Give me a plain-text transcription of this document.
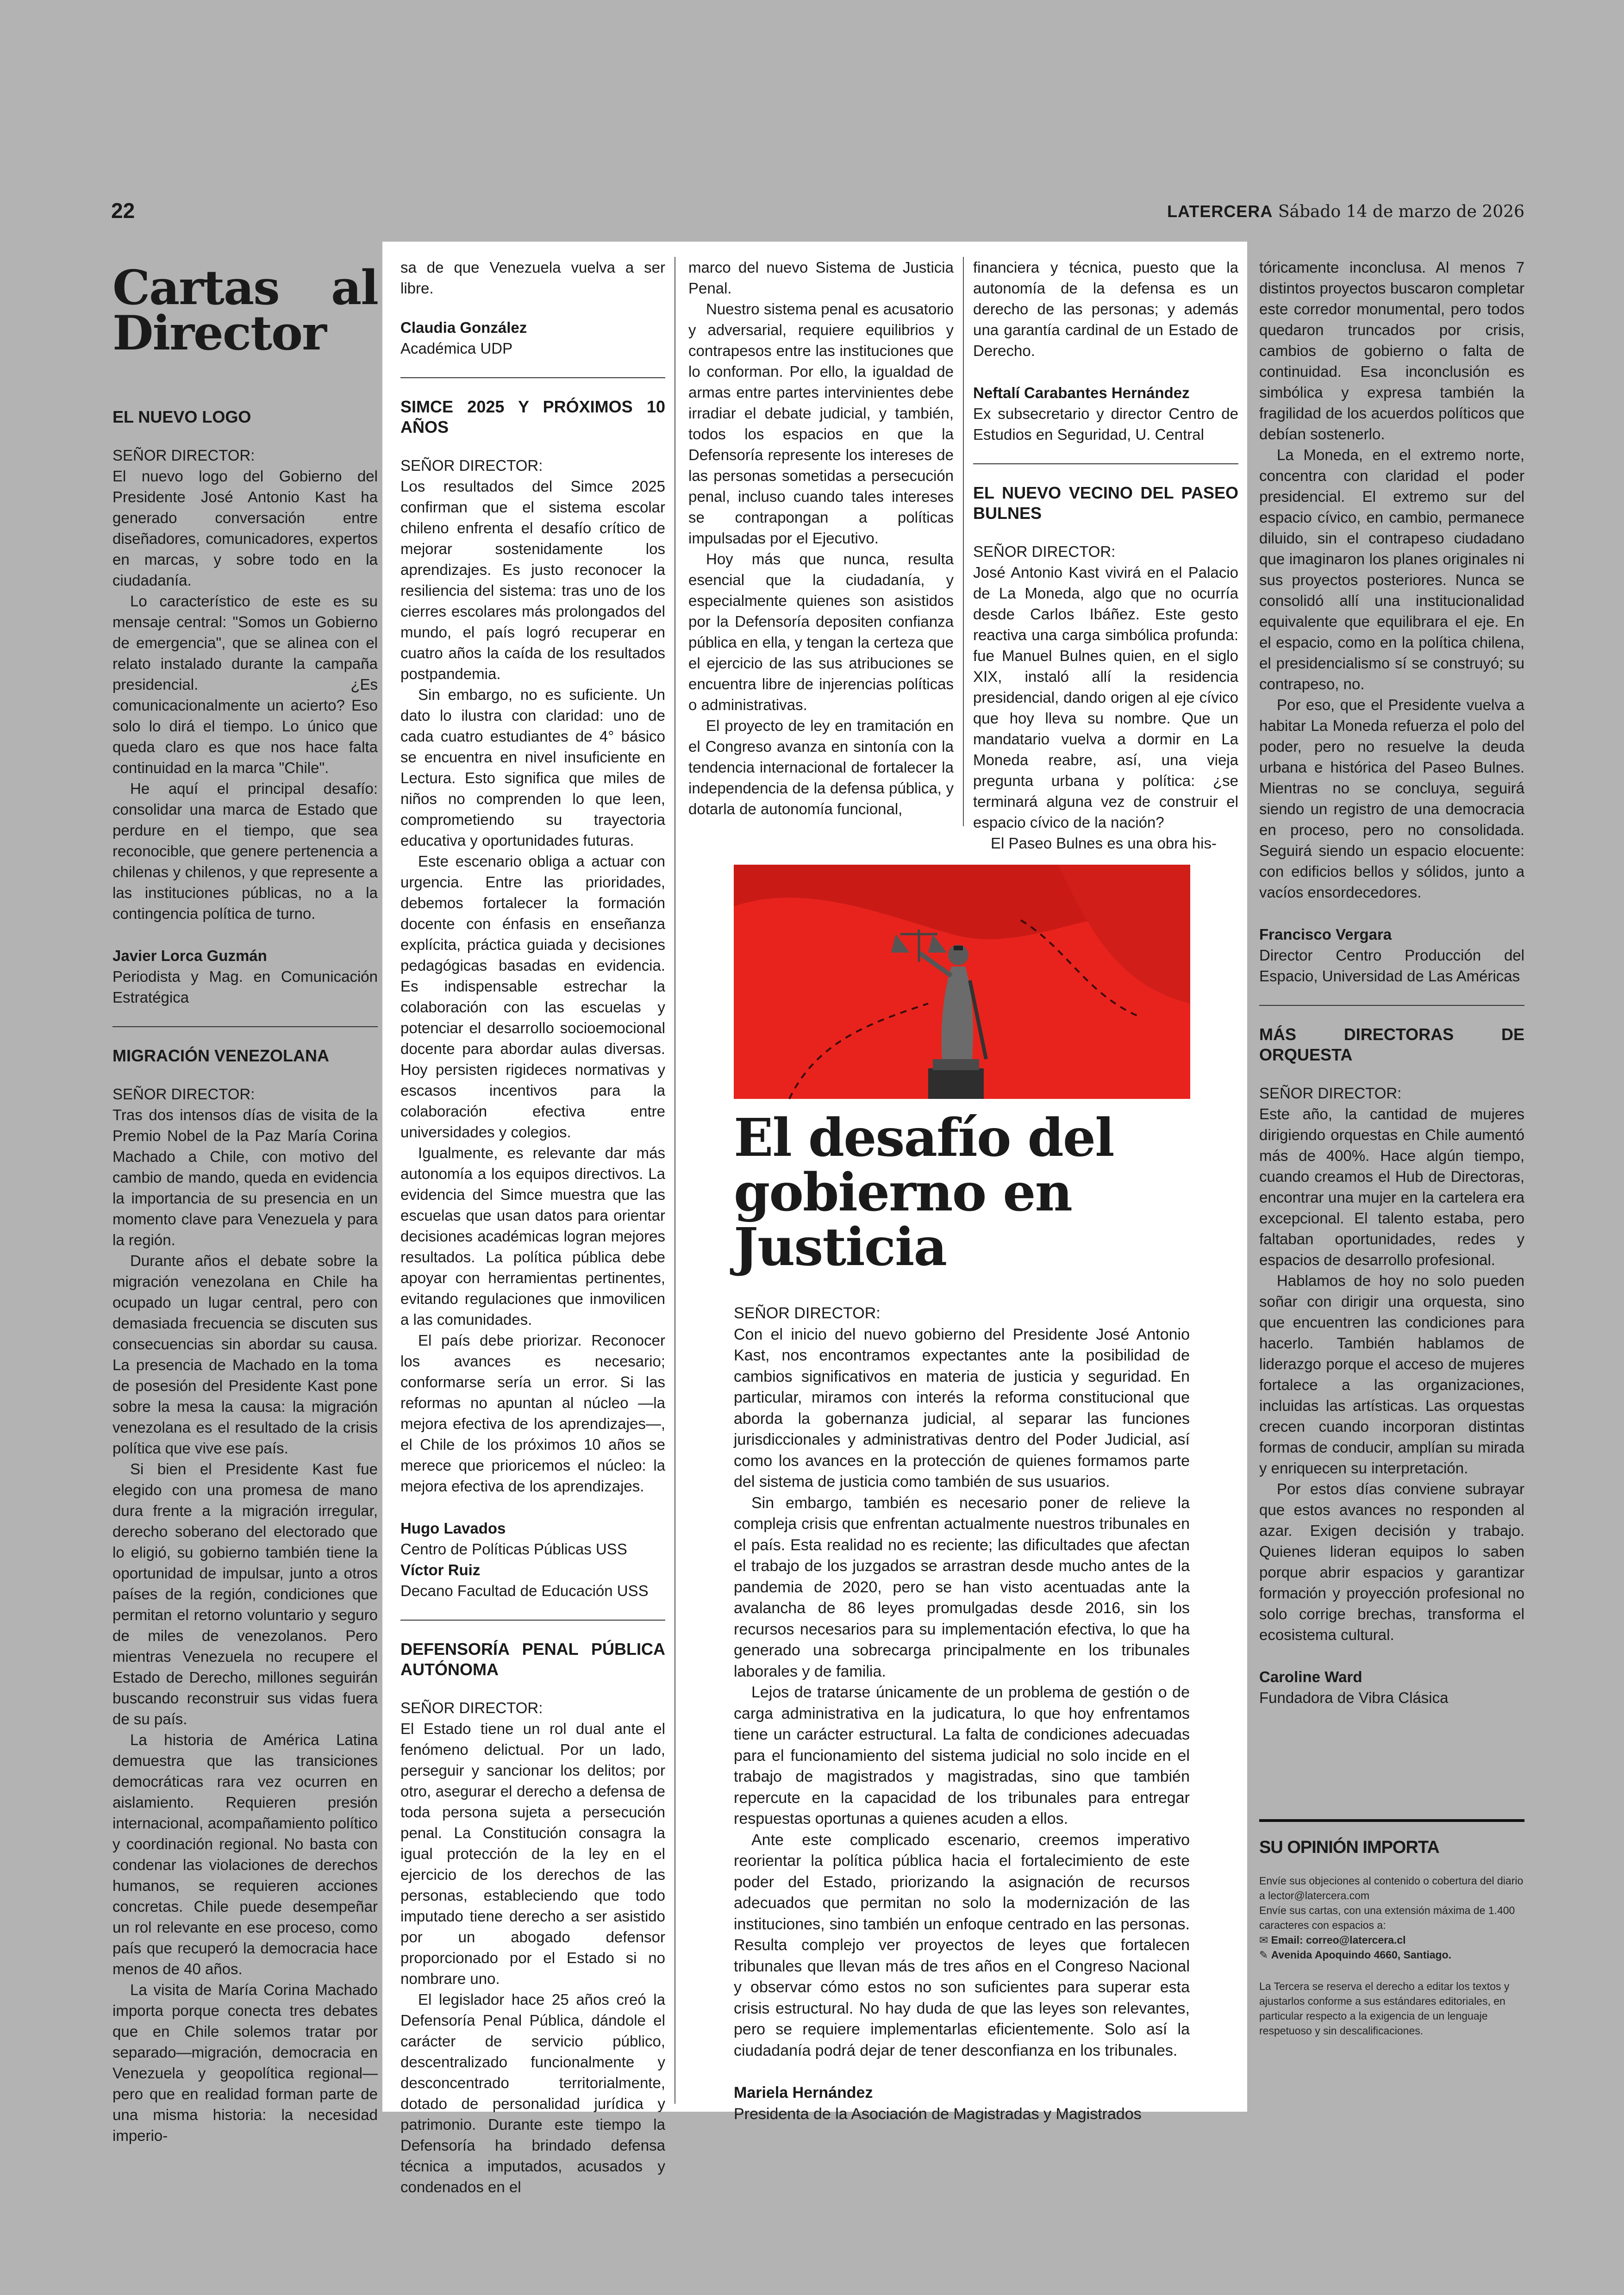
22	LATERCERA Sábado 14 de marzo de 2026
Cartas al Director
EL NUEVO LOGO

SEÑOR DIRECTOR:

El nuevo logo del Gobierno del Presidente José Antonio Kast ha generado conversación entre diseñadores, comunicadores, expertos en marcas, y sobre todo en la ciudadanía.

Lo característico de este es su mensaje central: "Somos un Gobierno de emergencia", que se alinea con el relato instalado durante la campaña presidencial. ¿Es comunicacionalmente un acierto? Eso solo lo dirá el tiempo. Lo único que queda claro es que nos hace falta continuidad en la marca "Chile".

He aquí el principal desafío: consolidar una marca de Estado que perdure en el tiempo, que sea reconocible, que genere pertenencia a chilenas y chilenos, y que represente a las instituciones públicas, no a la contingencia política de turno.

Javier Lorca Guzmán
Periodista y Mag. en Comunicación Estratégica
MIGRACIÓN VENEZOLANA

SEÑOR DIRECTOR:

Tras dos intensos días de visita de la Premio Nobel de la Paz María Corina Machado a Chile, con motivo del cambio de mando, queda en evidencia la importancia de su presencia en un momento clave para Venezuela y para la región.

Durante años el debate sobre la migración venezolana en Chile ha ocupado un lugar central, pero con demasiada frecuencia se discuten sus consecuencias sin abordar su causa. La presencia de Machado en la toma de posesión del Presidente Kast pone sobre la mesa la causa: la migración venezolana es el resultado de la crisis política que vive ese país.

Si bien el Presidente Kast fue elegido con una promesa de mano dura frente a la migración irregular, derecho soberano del electorado que lo eligió, su gobierno también tiene la oportunidad de impulsar, junto a otros países de la región, condiciones que permitan el retorno voluntario y seguro de miles de venezolanos. Pero mientras Venezuela no recupere el Estado de Derecho, millones seguirán buscando reconstruir sus vidas fuera de su país.

La historia de América Latina demuestra que las transiciones democráticas rara vez ocurren en aislamiento. Requieren presión internacional, acompañamiento político y coordinación regional. No basta con condenar las violaciones de derechos humanos, se requieren acciones concretas. Chile puede desempeñar un rol relevante en ese proceso, como país que recuperó la democracia hace menos de 40 años.

La visita de María Corina Machado importa porque conecta tres debates que en Chile solemos tratar por separado—migración, democracia en Venezuela y geopolítica regional— pero que en realidad forman parte de una misma historia: la necesidad imperio-

sa de que Venezuela vuelva a ser libre.

Claudia González
Académica UDP
SIMCE 2025 Y PRÓXIMOS 10 AÑOS

SEÑOR DIRECTOR:

Los resultados del Simce 2025 confirman que el sistema escolar chileno enfrenta el desafío crítico de mejorar sostenidamente los aprendizajes. Es justo reconocer la resiliencia del sistema: tras uno de los cierres escolares más prolongados del mundo, el país logró recuperar en cuatro años la caída de los resultados postpandemia.

Sin embargo, no es suficiente. Un dato lo ilustra con claridad: uno de cada cuatro estudiantes de 4° básico se encuentra en nivel insuficiente en Lectura. Esto significa que miles de niños no comprenden lo que leen, comprometiendo su trayectoria educativa y oportunidades futuras.

Este escenario obliga a actuar con urgencia. Entre las prioridades, debemos fortalecer la formación docente con énfasis en enseñanza explícita, práctica guiada y decisiones pedagógicas basadas en evidencia. Es indispensable estrechar la colaboración con las escuelas y potenciar el desarrollo socioemocional docente para abordar aulas diversas. Hoy persisten rigideces normativas y escasos incentivos para la colaboración efectiva entre universidades y colegios.

Igualmente, es relevante dar más autonomía a los equipos directivos. La evidencia del Simce muestra que las escuelas que usan datos para orientar decisiones académicas logran mejores resultados. La política pública debe apoyar con herramientas pertinentes, evitando regulaciones que inmovilicen a las comunidades.

El país debe priorizar. Reconocer los avances es necesario; conformarse sería un error. Si las reformas no apuntan al núcleo —la mejora efectiva de los aprendizajes—, el Chile de los próximos 10 años se merece que prioricemos el núcleo: la mejora efectiva de los aprendizajes.

Hugo Lavados
Centro de Políticas Públicas USS
Víctor Ruiz
Decano Facultad de Educación USS
DEFENSORÍA PENAL PÚBLICA AUTÓNOMA

SEÑOR DIRECTOR:

El Estado tiene un rol dual ante el fenómeno delictual. Por un lado, perseguir y sancionar los delitos; por otro, asegurar el derecho a defensa de toda persona sujeta a persecución penal. La Constitución consagra la igual protección de la ley en el ejercicio de los derechos de las personas, estableciendo que todo imputado tiene derecho a ser asistido por un abogado defensor proporcionado por el Estado si no nombrare uno.

El legislador hace 25 años creó la Defensoría Penal Pública, dándole el carácter de servicio público, descentralizado funcionalmente y desconcentrado territorialmente, dotado de personalidad jurídica y patrimonio. Durante este tiempo la Defensoría ha brindado defensa técnica a imputados, acusados y condenados en el

marco del nuevo Sistema de Justicia Penal.

Nuestro sistema penal es acusatorio y adversarial, requiere equilibrios y contrapesos entre las instituciones que lo conforman. Por ello, la igualdad de armas entre partes intervinientes debe irradiar el debate judicial, y también, todos los espacios en que la Defensoría represente los intereses de las personas sometidas a persecución penal, incluso cuando tales intereses se contrapongan a políticas impulsadas por el Ejecutivo.

Hoy más que nunca, resulta esencial que la ciudadanía, y especialmente quienes son asistidos por la Defensoría depositen confianza pública en ella, y tengan la certeza que el ejercicio de las sus atribuciones se encuentra libre de injerencias políticas o administrativas.

El proyecto de ley en tramitación en el Congreso avanza en sintonía con la tendencia internacional de fortalecer la independencia de la defensa pública, y dotarla de autonomía funcional,

financiera y técnica, puesto que la autonomía de la defensa es un derecho de las personas; y además una garantía cardinal de un Estado de Derecho.

Neftalí Carabantes Hernández
Ex subsecretario y director Centro de Estudios en Seguridad, U. Central
EL NUEVO VECINO DEL PASEO BULNES

SEÑOR DIRECTOR:

José Antonio Kast vivirá en el Palacio de La Moneda, algo que no ocurría desde Carlos Ibáñez. Este gesto reactiva una carga simbólica profunda: fue Manuel Bulnes quien, en el siglo XIX, instaló allí la residencia presidencial, dando origen al eje cívico que hoy lleva su nombre. Que un mandatario vuelva a dormir en La Moneda reabre, así, una vieja pregunta urbana y política: ¿se terminará alguna vez de construir el espacio cívico de la nación?

El Paseo Bulnes es una obra his-

El desafío del gobierno en Justicia

SEÑOR DIRECTOR:

Con el inicio del nuevo gobierno del Presidente José Antonio Kast, nos encontramos expectantes ante la posibilidad de cambios significativos en materia de justicia y seguridad. En particular, miramos con interés la reforma constitucional que aborda la gobernanza judicial, al separar las funciones jurisdiccionales y administrativas dentro del Poder Judicial, así como los avances en la protección de quienes formamos parte del sistema de justicia como también de sus usuarios.

Sin embargo, también es necesario poner de relieve la compleja crisis que enfrentan actualmente nuestros tribunales en el país. Esta realidad no es reciente; las dificultades que afectan el trabajo de los juzgados se arrastran desde mucho antes de la pandemia de 2020, pero se han visto acentuadas ante la avalancha de 86 leyes promulgadas desde 2016, sin los recursos necesarios para su implementación efectiva, lo que ha generado una sobrecarga principalmente en los tribunales laborales y de familia.

Lejos de tratarse únicamente de un problema de gestión o de carga administrativa en la judicatura, lo que hoy enfrentamos tiene un carácter estructural. La falta de condiciones adecuadas para el funcionamiento del sistema judicial no solo incide en el trabajo de magistrados y magistradas, sino que también repercute en la capacidad de los tribunales para entregar respuestas oportunas a quienes acuden a ellos.

Ante este complicado escenario, creemos imperativo reorientar la política pública hacia el fortalecimiento de este poder del Estado, priorizando la asignación de recursos adecuados que permitan no solo la modernización de las instituciones, sino también un enfoque centrado en las personas. Resulta complejo ver proyectos de leyes que fortalecen tribunales que llevan más de tres años en el Congreso Nacional y observar cómo estos no son suficientes para superar esta crisis estructural. No hay duda de que las leyes son relevantes, pero se requiere implementarlas eficientemente. Solo así la ciudadanía podrá dejar de tener desconfianza en los tribunales.

Mariela Hernández
Presidenta de la Asociación de Magistradas y Magistrados

tóricamente inconclusa. Al menos 7 distintos proyectos buscaron completar este corredor monumental, pero todos quedaron truncados por crisis, cambios de gobierno o falta de continuidad. Esa inconclusión es simbólica y expresa también la fragilidad de los acuerdos políticos que debían sostenerlo.

La Moneda, en el extremo norte, concentra con claridad el poder presidencial. El extremo sur del espacio cívico, en cambio, permanece diluido, sin el contrapeso ciudadano que imaginaron los planes originales ni sus proyectos posteriores. Nunca se consolidó allí una institucionalidad equivalente que equilibrara el eje. En el espacio, como en la política chilena, el presidencialismo sí se construyó; su contrapeso, no.

Por eso, que el Presidente vuelva a habitar La Moneda refuerza el polo del poder, pero no resuelve la deuda urbana e histórica del Paseo Bulnes. Mientras no se concluya, seguirá siendo un registro de una democracia en proceso, pero no consolidada. Seguirá siendo un espacio elocuente: con edificios bellos y sólidos, junto a vacíos ensordecedores.

Francisco Vergara
Director Centro Producción del Espacio, Universidad de Las Américas
MÁS DIRECTORAS DE ORQUESTA

SEÑOR DIRECTOR:

Este año, la cantidad de mujeres dirigiendo orquestas en Chile aumentó más de 400%. Hace algún tiempo, cuando creamos el Hub de Directoras, encontrar una mujer en la cartelera era excepcional. El talento estaba, pero faltaban oportunidades, redes y espacios de desarrollo profesional.

Hablamos de hoy no solo pueden soñar con dirigir una orquesta, sino que encuentren las condiciones para hacerlo. También hablamos de liderazgo porque el acceso de mujeres fortalece a las organizaciones, incluidas las artísticas. Las orquestas crecen cuando incorporan distintas formas de conducir, amplían su mirada y enriquecen su interpretación.

Por estos días conviene subrayar que estos avances no responden al azar. Exigen decisión y trabajo. Quienes lideran equipos lo saben porque abrir espacios y garantizar formación y proyección profesional no solo corrige brechas, transforma el ecosistema cultural.

Caroline Ward
Fundadora de Vibra Clásica
SU OPINIÓN IMPORTA
Envíe sus objeciones al contenido o cobertura del diario a lector@latercera.com
Envíe sus cartas, con una extensión máxima de 1.400 caracteres con espacios a:
✉ Email: correo@latercera.cl
✎ Avenida Apoquindo 4660, Santiago.
La Tercera se reserva el derecho a editar los textos y ajustarlos conforme a sus estándares editoriales, en particular respecto a la exigencia de un lenguaje respetuoso y sin descalificaciones.
